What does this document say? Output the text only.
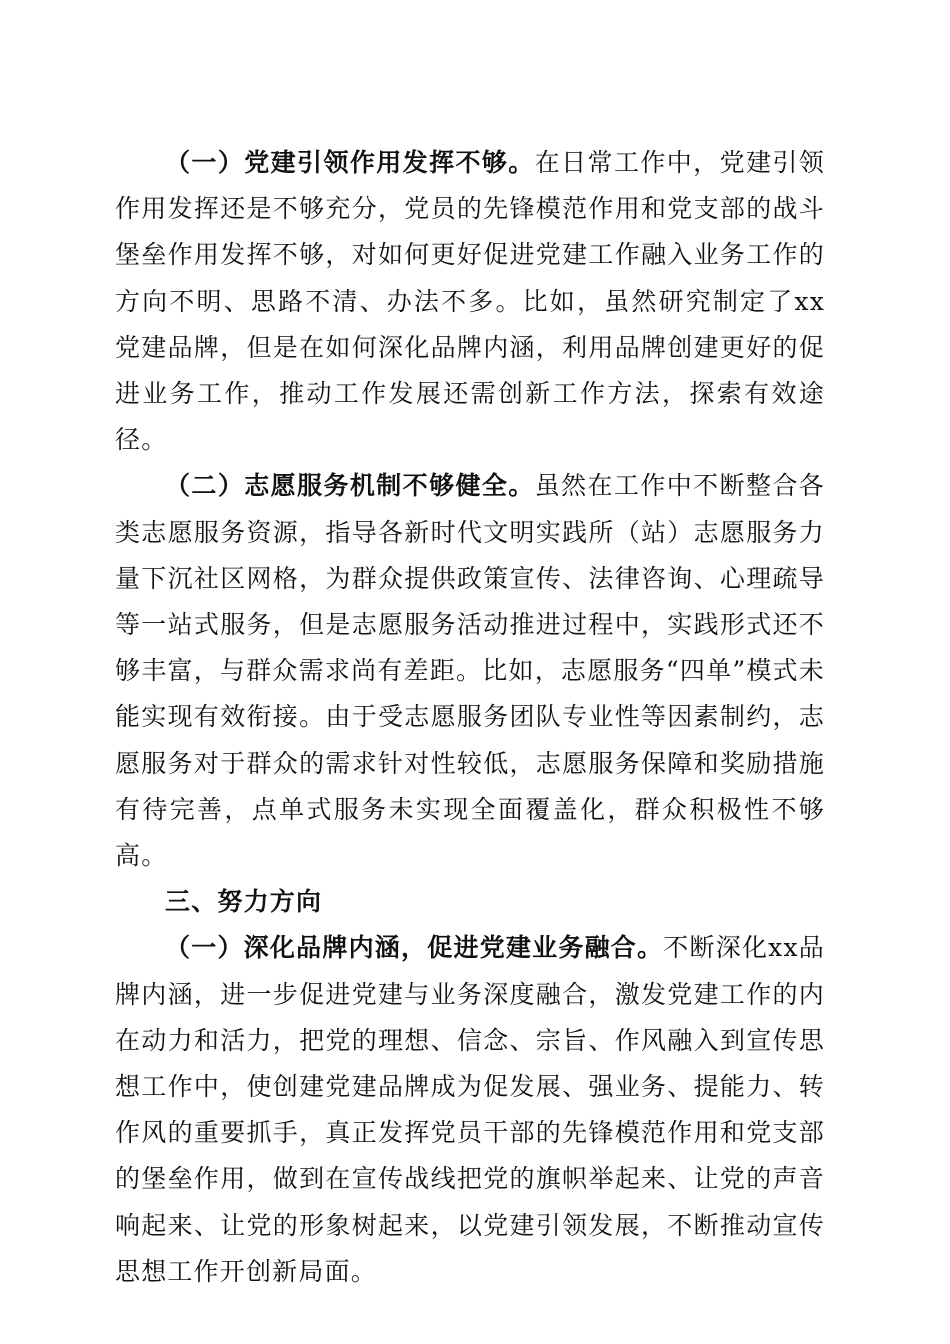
（一）党建引领作用发挥不够。在日常工作中，党建引领作用发挥还是不够充分，党员的先锋模范作用和党支部的战斗堡垒作用发挥不够，对如何更好促进党建工作融入业务工作的方向不明、思路不清、办法不多。比如，虽然研究制定了xx党建品牌，但是在如何深化品牌内涵，利用品牌创建更好的促进业务工作，推动工作发展还需创新工作方法，探索有效途径。

（二）志愿服务机制不够健全。虽然在工作中不断整合各类志愿服务资源，指导各新时代文明实践所（站）志愿服务力量下沉社区网格，为群众提供政策宣传、法律咨询、心理疏导等一站式服务，但是志愿服务活动推进过程中，实践形式还不够丰富，与群众需求尚有差距。比如，志愿服务“四单”模式未能实现有效衔接。由于受志愿服务团队专业性等因素制约，志愿服务对于群众的需求针对性较低，志愿服务保障和奖励措施有待完善，点单式服务未实现全面覆盖化，群众积极性不够高。

三、努力方向

（一）深化品牌内涵，促进党建业务融合。不断深化xx品牌内涵，进一步促进党建与业务深度融合，激发党建工作的内在动力和活力，把党的理想、信念、宗旨、作风融入到宣传思想工作中，使创建党建品牌成为促发展、强业务、提能力、转作风的重要抓手，真正发挥党员干部的先锋模范作用和党支部的堡垒作用，做到在宣传战线把党的旗帜举起来、让党的声音响起来、让党的形象树起来，以党建引领发展，不断推动宣传思想工作开创新局面。
